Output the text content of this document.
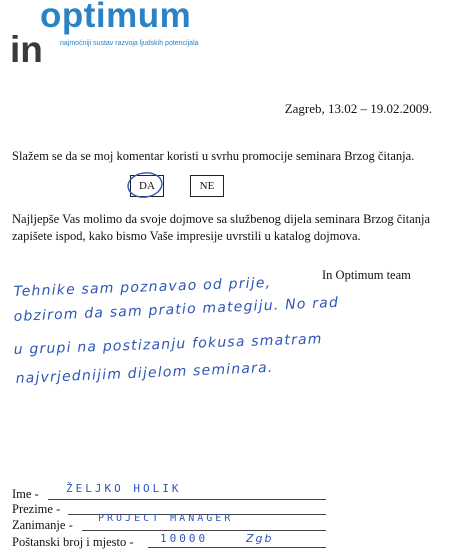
optimum
in najmoćniji sustav razvoja ljudskih potencijala
Zagreb, 13.02 – 19.02.2009.
Slažem se da se moj komentar koristi u svrhu promocije seminara Brzog čitanja.
DA	NE
Najljepše Vas molimo da svoje dojmove sa službenog dijela seminara Brzog čitanja zapišete ispod, kako bismo Vaše impresije uvrstili u katalog dojmova.
In Optimum team
Tehnike sam poznavao od prije,
obzirom da sam pratio mategiju. No rad
u grupi na postizanju fokusa smatram
najvrjednijim dijelom seminara.
Ime - ŽELJKO HOLIK
Prezime -
Zanimanje -	PROJECT MANAGER
Poštanski broj i mjesto - 10000	Zgb
